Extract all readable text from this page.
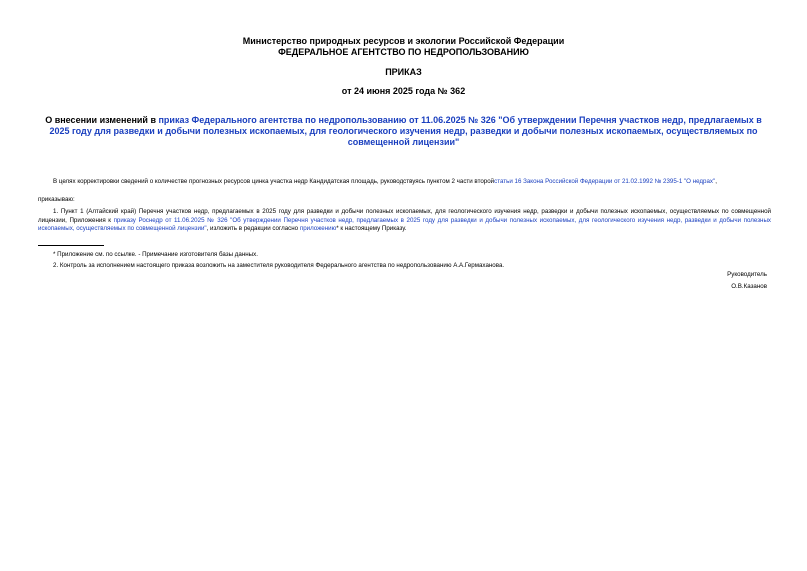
Министерство природных ресурсов и экологии Российской Федерации
ФЕДЕРАЛЬНОЕ АГЕНТСТВО ПО НЕДРОПОЛЬЗОВАНИЮ
ПРИКАЗ
от 24 июня 2025 года № 362
О внесении изменений в приказ Федерального агентства по недропользованию от 11.06.2025 № 326 "Об утверждении Перечня участков недр, предлагаемых в 2025 году для разведки и добычи полезных ископаемых, для геологического изучения недр, разведки и добычи полезных ископаемых, осуществляемых по совмещенной лицензии"
В целях корректировки сведений о количестве прогнозных ресурсов цинка участка недр Кандидатская площадь, руководствуясь пунктом 2 части второйстатьи 16 Закона Российской Федерации от 21.02.1992 № 2395-1 "О недрах",
приказываю:
1. Пункт 1 (Алтайский край) Перечня участков недр, предлагаемых в 2025 году для разведки и добычи полезных ископаемых, для геологического изучения недр, разведки и добычи полезных ископаемых, осуществляемых по совмещенной лицензии, Приложения к приказу Роснедр от 11.06.2025 № 326 "Об утверждении Перечня участков недр, предлагаемых в 2025 году для разведки и добычи полезных ископаемых, для геологического изучения недр, разведки и добычи полезных ископаемых, осуществляемых по совмещенной лицензии", изложить в редакции согласно приложению* к настоящему Приказу.
* Приложение см. по ссылке. - Примечание изготовителя базы данных.
2. Контроль за исполнением настоящего приказа возложить на заместителя руководителя Федерального агентства по недропользованию А.А.Гермаханова.
Руководитель
О.В.Казанов
